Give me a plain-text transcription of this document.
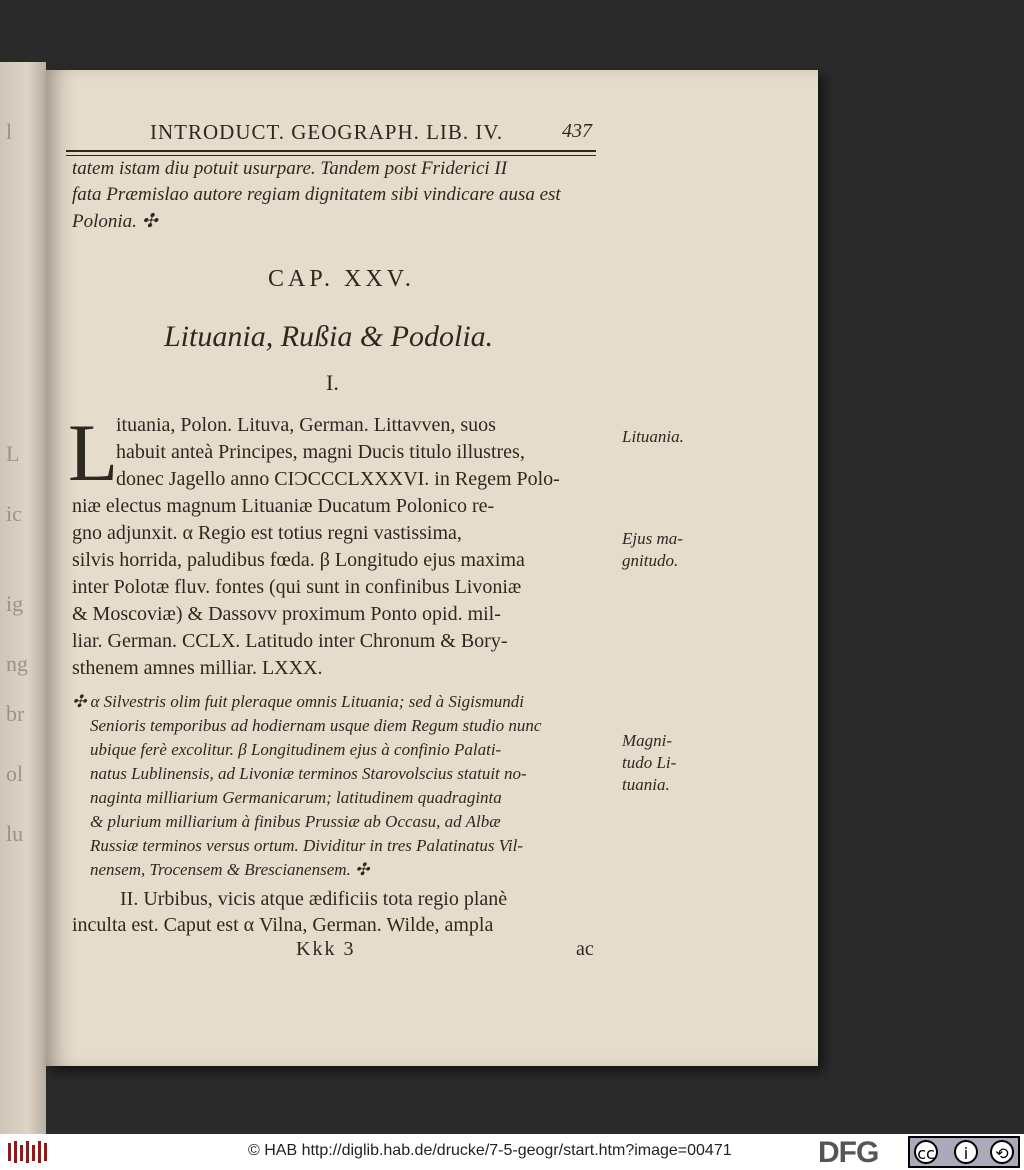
l
L
ic
ig
ng
br
ol
lu
INTRODUCT. GEOGRAPH. LIB. IV.	437
tatem istam diu potuit usurpare. Tandem post Friderici II
fata Præmislao autore regiam dignitatem sibi vindicare ausa est
Polonia. ✣
CAP. XXV.
Lituania, Rußia & Podolia.
I.
L
ituania, Polon. Lituva, German. Littavven, suos
habuit anteà Principes, magni Ducis titulo illustres,
donec Jagello anno CIƆCCCLXXXVI. in Regem Polo-
niæ electus magnum Lituaniæ Ducatum Polonico re-
gno adjunxit. α Regio est totius regni vastissima,
silvis horrida, paludibus fœda. β Longitudo ejus maxima
inter Polotæ fluv. fontes (qui sunt in confinibus Livoniæ
& Moscoviæ) & Dassovv proximum Ponto opid. mil-
liar. German. CCLX. Latitudo inter Chronum & Bory-
sthenem amnes milliar. LXXX.
✣ α Silvestris olim fuit pleraque omnis Lituania; sed à Sigismundi
Senioris temporibus ad hodiernam usque diem Regum studio nunc
ubique ferè excolitur. β Longitudinem ejus à confinio Palati-
natus Lublinensis, ad Livoniæ terminos Starovolscius statuit no-
naginta milliarium Germanicarum; latitudinem quadraginta
& plurium milliarium à finibus Prussiæ ab Occasu, ad Albæ
Russiæ terminos versus ortum. Dividitur in tres Palatinatus Vil-
nensem, Trocensem & Brescianensem. ✣
II. Urbibus, vicis atque ædificiis tota regio planè
inculta est. Caput est α Vilna, German. Wilde, ampla
Kkk 3	ac
Lituania.
Ejus ma-
gnitudo.
Magni-
tudo Li-
tuania.
© HAB http://diglib.hab.de/drucke/7-5-geogr/start.htm?image=00471	DFG cc	i	⟲
